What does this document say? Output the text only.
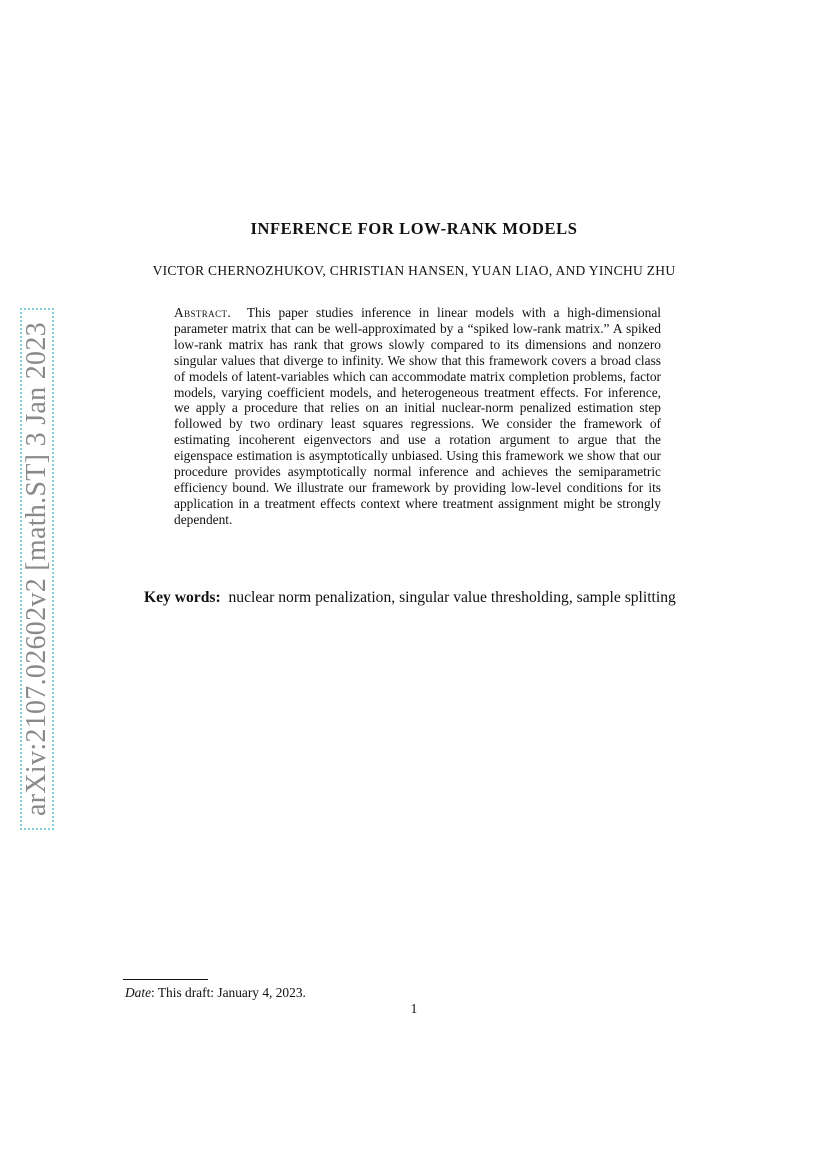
arXiv:2107.02602v2 [math.ST] 3 Jan 2023
INFERENCE FOR LOW-RANK MODELS
VICTOR CHERNOZHUKOV, CHRISTIAN HANSEN, YUAN LIAO, AND YINCHU ZHU
Abstract. This paper studies inference in linear models with a high-dimensional parameter matrix that can be well-approximated by a “spiked low-rank matrix.” A spiked low-rank matrix has rank that grows slowly compared to its dimensions and nonzero singular values that diverge to infinity. We show that this framework covers a broad class of models of latent-variables which can accommodate matrix completion problems, factor models, varying coefficient models, and heterogeneous treatment effects. For inference, we apply a procedure that relies on an initial nuclear-norm penalized estimation step followed by two ordinary least squares regressions. We consider the framework of estimating incoherent eigenvectors and use a rotation argument to argue that the eigenspace estimation is asymptotically unbiased. Using this framework we show that our procedure provides asymptotically normal inference and achieves the semiparametric efficiency bound. We illustrate our framework by providing low-level conditions for its application in a treatment effects context where treatment assignment might be strongly dependent.
Key words: nuclear norm penalization, singular value thresholding, sample splitting
Date: This draft: January 4, 2023.
1
